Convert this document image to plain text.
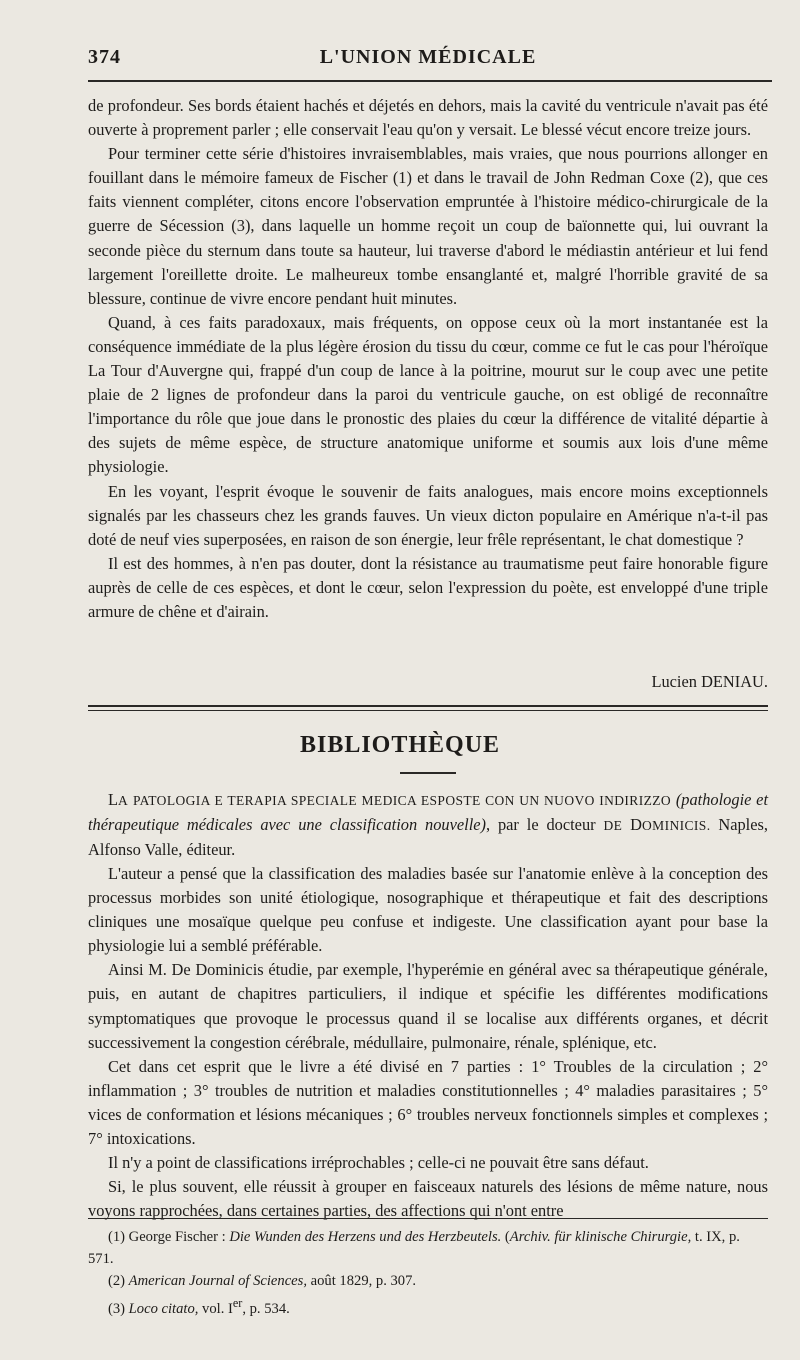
374	L'UNION MÉDICALE

de profondeur. Ses bords étaient hachés et déjetés en dehors, mais la cavité du ventricule n'avait pas été ouverte à proprement parler ; elle conservait l'eau qu'on y versait. Le blessé vécut encore treize jours.

Pour terminer cette série d'histoires invraisemblables, mais vraies, que nous pourrions allonger en fouillant dans le mémoire fameux de Fischer (1) et dans le travail de John Redman Coxe (2), que ces faits viennent compléter, citons encore l'observation empruntée à l'histoire médico-chirurgicale de la guerre de Sécession (3), dans laquelle un homme reçoit un coup de baïonnette qui, lui ouvrant la seconde pièce du sternum dans toute sa hauteur, lui traverse d'abord le médiastin antérieur et lui fend largement l'oreillette droite. Le malheureux tombe ensanglanté et, malgré l'horrible gravité de sa blessure, continue de vivre encore pendant huit minutes.

Quand, à ces faits paradoxaux, mais fréquents, on oppose ceux où la mort instantanée est la conséquence immédiate de la plus légère érosion du tissu du cœur, comme ce fut le cas pour l'héroïque La Tour d'Auvergne qui, frappé d'un coup de lance à la poitrine, mourut sur le coup avec une petite plaie de 2 lignes de profondeur dans la paroi du ventricule gauche, on est obligé de reconnaître l'importance du rôle que joue dans le pronostic des plaies du cœur la différence de vitalité départie à des sujets de même espèce, de structure anatomique uniforme et soumis aux lois d'une même physiologie.

En les voyant, l'esprit évoque le souvenir de faits analogues, mais encore moins exceptionnels signalés par les chasseurs chez les grands fauves. Un vieux dicton populaire en Amérique n'a-t-il pas doté de neuf vies superposées, en raison de son énergie, leur frêle représentant, le chat domestique ?

Il est des hommes, à n'en pas douter, dont la résistance au traumatisme peut faire honorable figure auprès de celle de ces espèces, et dont le cœur, selon l'expression du poète, est enveloppé d'une triple armure de chêne et d'airain.

Lucien DENIAU.
BIBLIOTHÈQUE

LA PATOLOGIA E TERAPIA SPECIALE MEDICA ESPOSTE CON UN NUOVO INDIRIZZO (pathologie et thérapeutique médicales avec une classification nouvelle), par le docteur DE DOMINICIS. Naples, Alfonso Valle, éditeur.

L'auteur a pensé que la classification des maladies basée sur l'anatomie enlève à la conception des processus morbides son unité étiologique, nosographique et thérapeutique et fait des descriptions cliniques une mosaïque quelque peu confuse et indigeste. Une classification ayant pour base la physiologie lui a semblé préférable.

Ainsi M. De Dominicis étudie, par exemple, l'hyperémie en général avec sa thérapeutique générale, puis, en autant de chapitres particuliers, il indique et spécifie les différentes modifications symptomatiques que provoque le processus quand il se localise aux différents organes, et décrit successivement la congestion cérébrale, médullaire, pulmonaire, rénale, splénique, etc.

Cet dans cet esprit que le livre a été divisé en 7 parties : 1° Troubles de la circulation ; 2° inflammation ; 3° troubles de nutrition et maladies constitutionnelles ; 4° maladies parasitaires ; 5° vices de conformation et lésions mécaniques ; 6° troubles nerveux fonctionnels simples et complexes ; 7° intoxications.

Il n'y a point de classifications irréprochables ; celle-ci ne pouvait être sans défaut.

Si, le plus souvent, elle réussit à grouper en faisceaux naturels des lésions de même nature, nous voyons rapprochées, dans certaines parties, des affections qui n'ont entre

(1) George Fischer : Die Wunden des Herzens und des Herzbeutels. (Archiv. für klinische Chirurgie, t. IX, p. 571.

(2) American Journal of Sciences, août 1829, p. 307.

(3) Loco citato, vol. Ier, p. 534.
